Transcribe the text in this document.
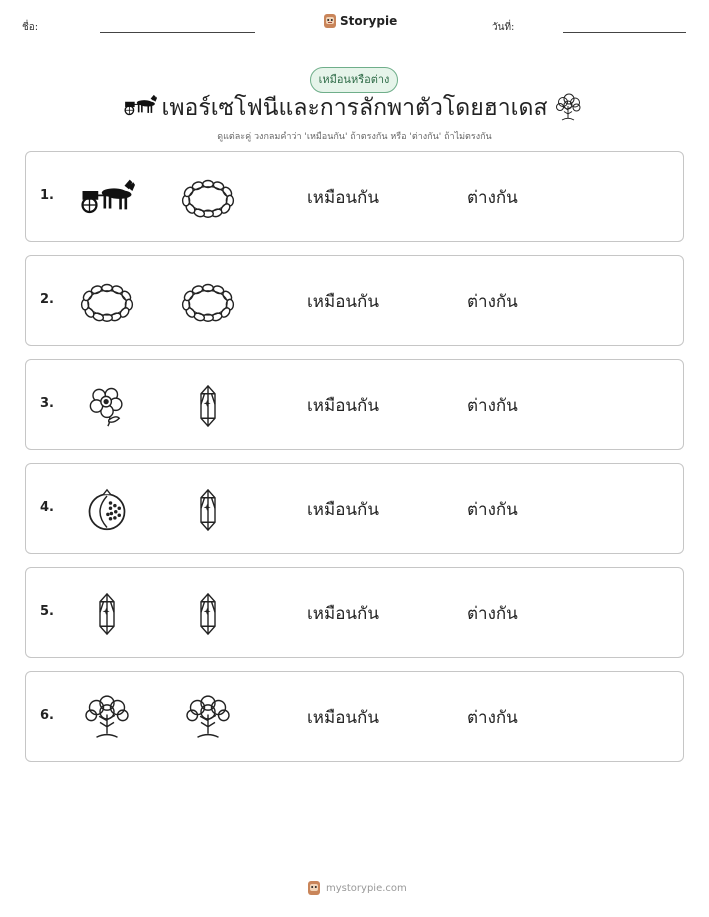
ชื่อ:	Storypie	วันที่:
เหมือนหรือต่าง
เพอร์เซโฟนีและการลักพาตัวโดยฮาเดส
ดูแต่ละคู่ วงกลมคำว่า 'เหมือนกัน' ถ้าตรงกัน หรือ 'ต่างกัน' ถ้าไม่ตรงกัน
1.	เหมือนกัน	ต่างกัน
2.	เหมือนกัน	ต่างกัน
3.	เหมือนกัน	ต่างกัน
4.	เหมือนกัน	ต่างกัน
5.	เหมือนกัน	ต่างกัน
6.	เหมือนกัน	ต่างกัน
mystorypie.com
